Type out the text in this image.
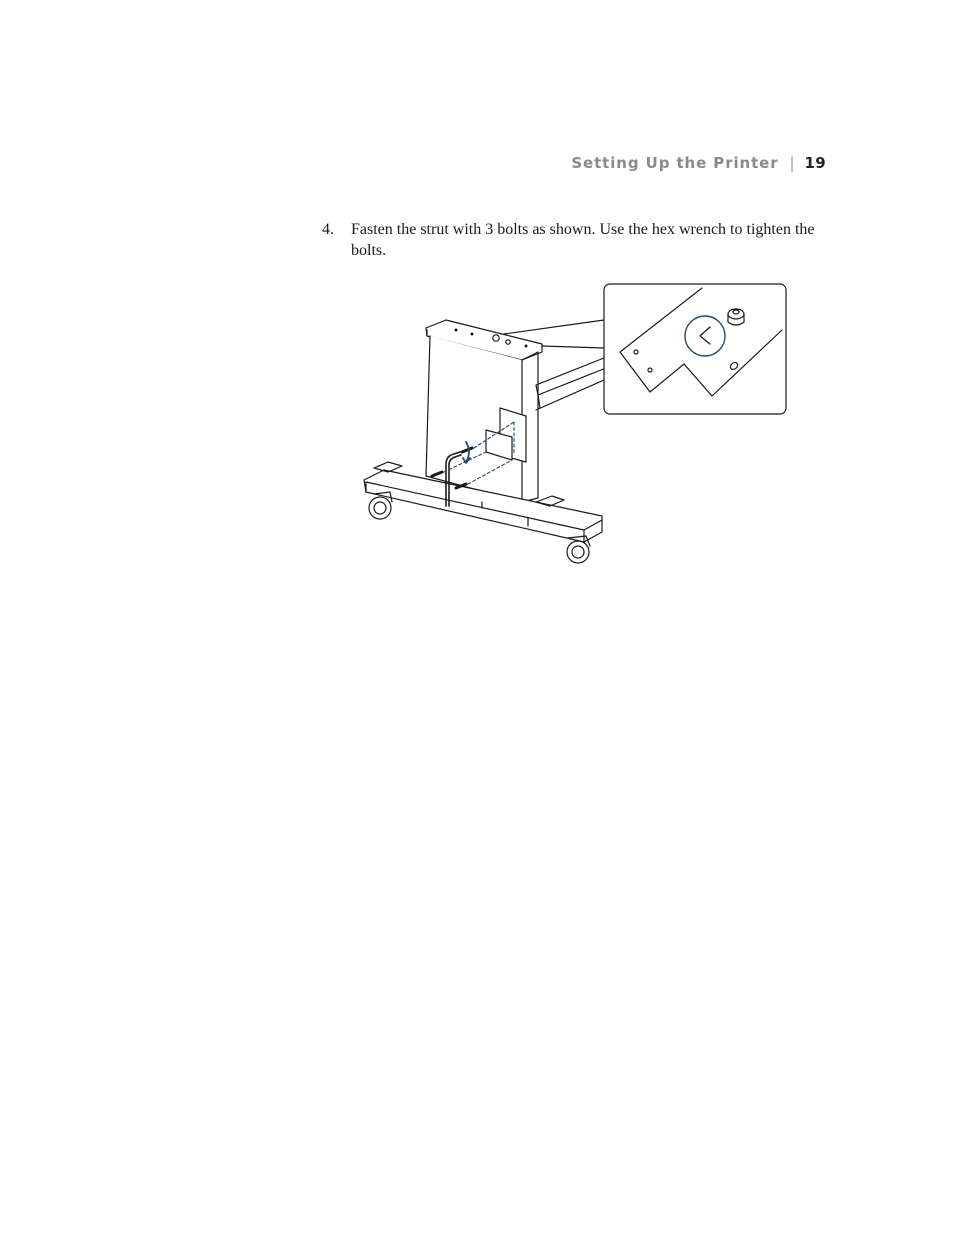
Setting Up the Printer | 19
4. Fasten the strut with 3 bolts as shown. Use the hex wrench to tighten the bolts.
